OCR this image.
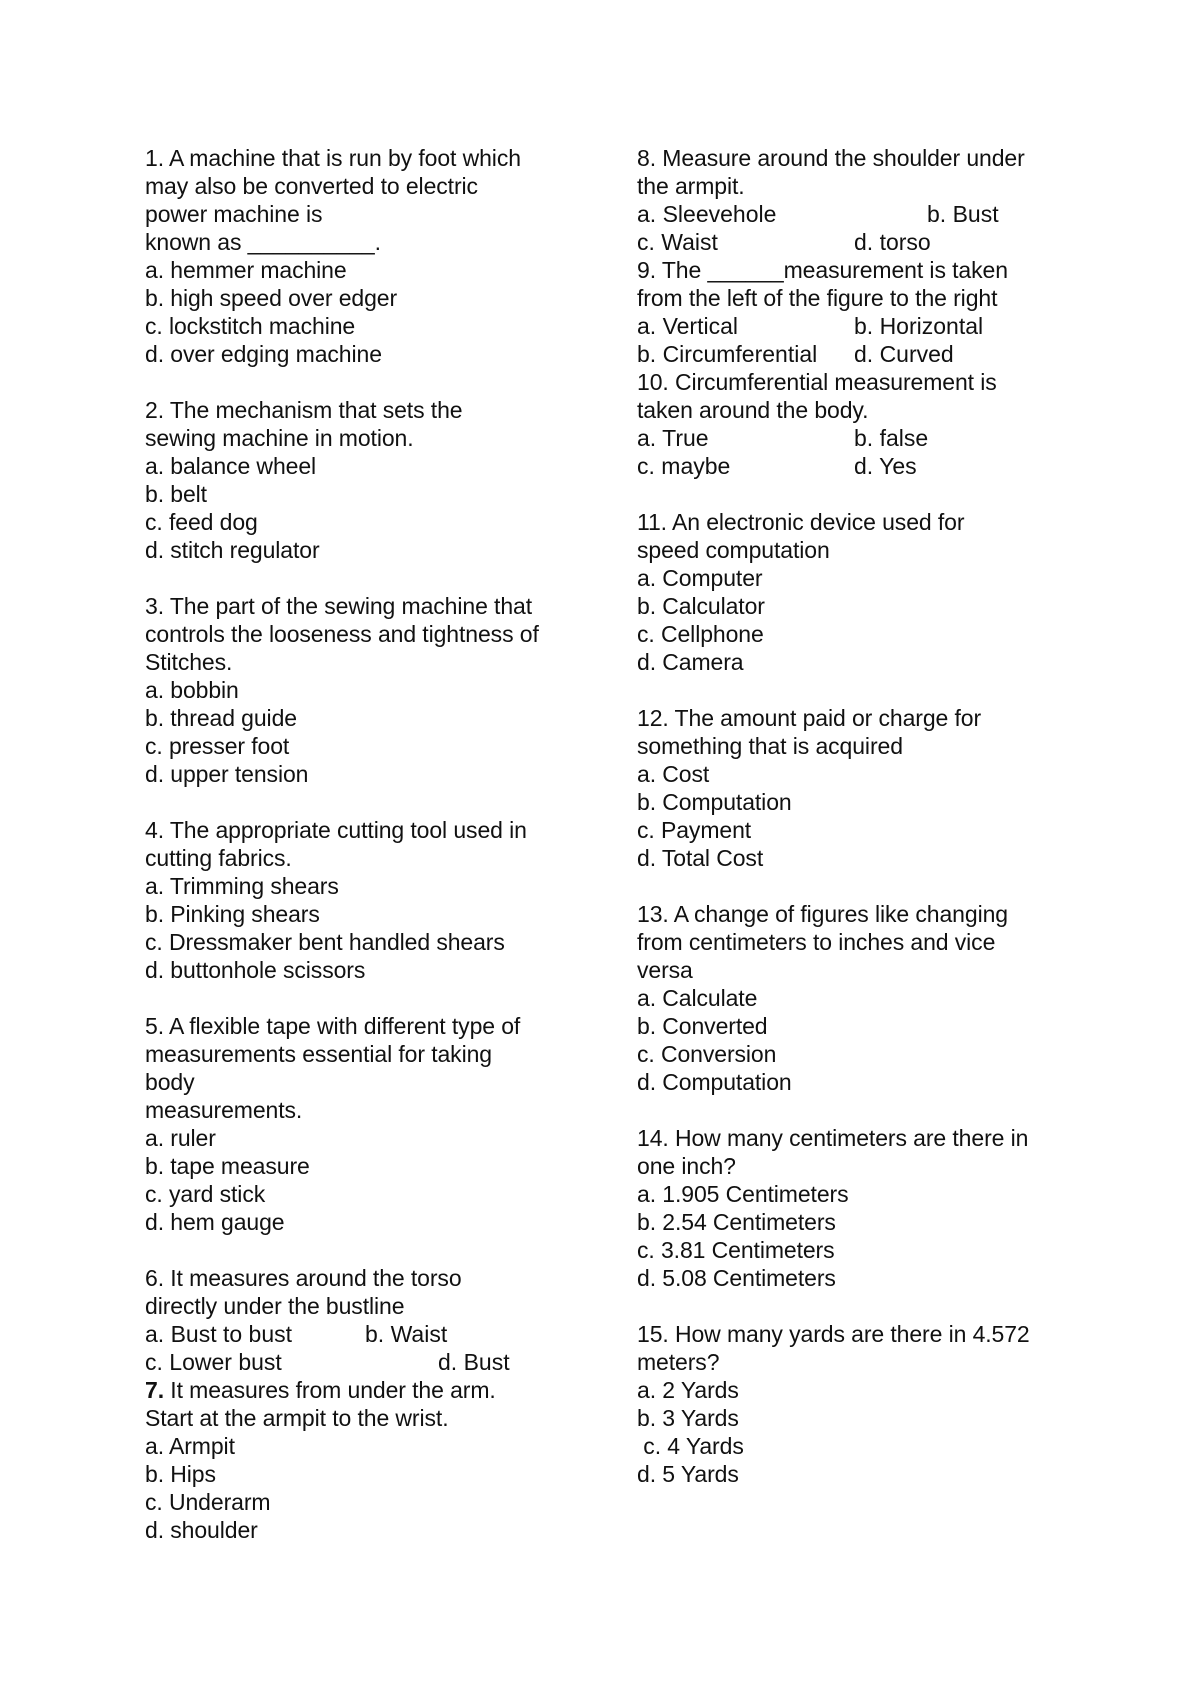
1. A machine that is run by foot which
may also be converted to electric
power machine is
known as __________.
a. hemmer machine
b. high speed over edger
c. lockstitch machine
d. over edging machine
2. The mechanism that sets the
sewing machine in motion.
a. balance wheel
b. belt
c. feed dog
d. stitch regulator
3. The part of the sewing machine that
controls the looseness and tightness of
Stitches.
a. bobbin
b. thread guide
c. presser foot
d. upper tension
4. The appropriate cutting tool used in
cutting fabrics.
a. Trimming shears
b. Pinking shears
c. Dressmaker bent handled shears
d. buttonhole scissors
5. A flexible tape with different type of
measurements essential for taking
body
measurements.
a. ruler
b. tape measure
c. yard stick
d. hem gauge
6. It measures around the torso
directly under the bustline
a. Bust to bust	b. Waist
c. Lower bust	d. Bust
7. It measures from under the arm.
Start at the armpit to the wrist.
a. Armpit
b. Hips
c. Underarm
d. shoulder
8. Measure around the shoulder under
the armpit.
a. Sleevehole	b. Bust
c. Waist	d. torso
9. The ______measurement is taken
from the left of the figure to the right
a. Vertical	b. Horizontal
b. Circumferential d. Curved
10. Circumferential measurement is
taken around the body.
a. True	b. false
c. maybe	d. Yes
11. An electronic device used for
speed computation
a. Computer
b. Calculator
c. Cellphone
d. Camera
12. The amount paid or charge for
something that is acquired
a. Cost
b. Computation
c. Payment
d. Total Cost
13. A change of figures like changing
from centimeters to inches and vice
versa
a. Calculate
b. Converted
c. Conversion
d. Computation
14. How many centimeters are there in
one inch?
a. 1.905 Centimeters
b. 2.54 Centimeters
c. 3.81 Centimeters
d. 5.08 Centimeters
15. How many yards are there in 4.572
meters?
a. 2 Yards
b. 3 Yards
c. 4 Yards
d. 5 Yards
